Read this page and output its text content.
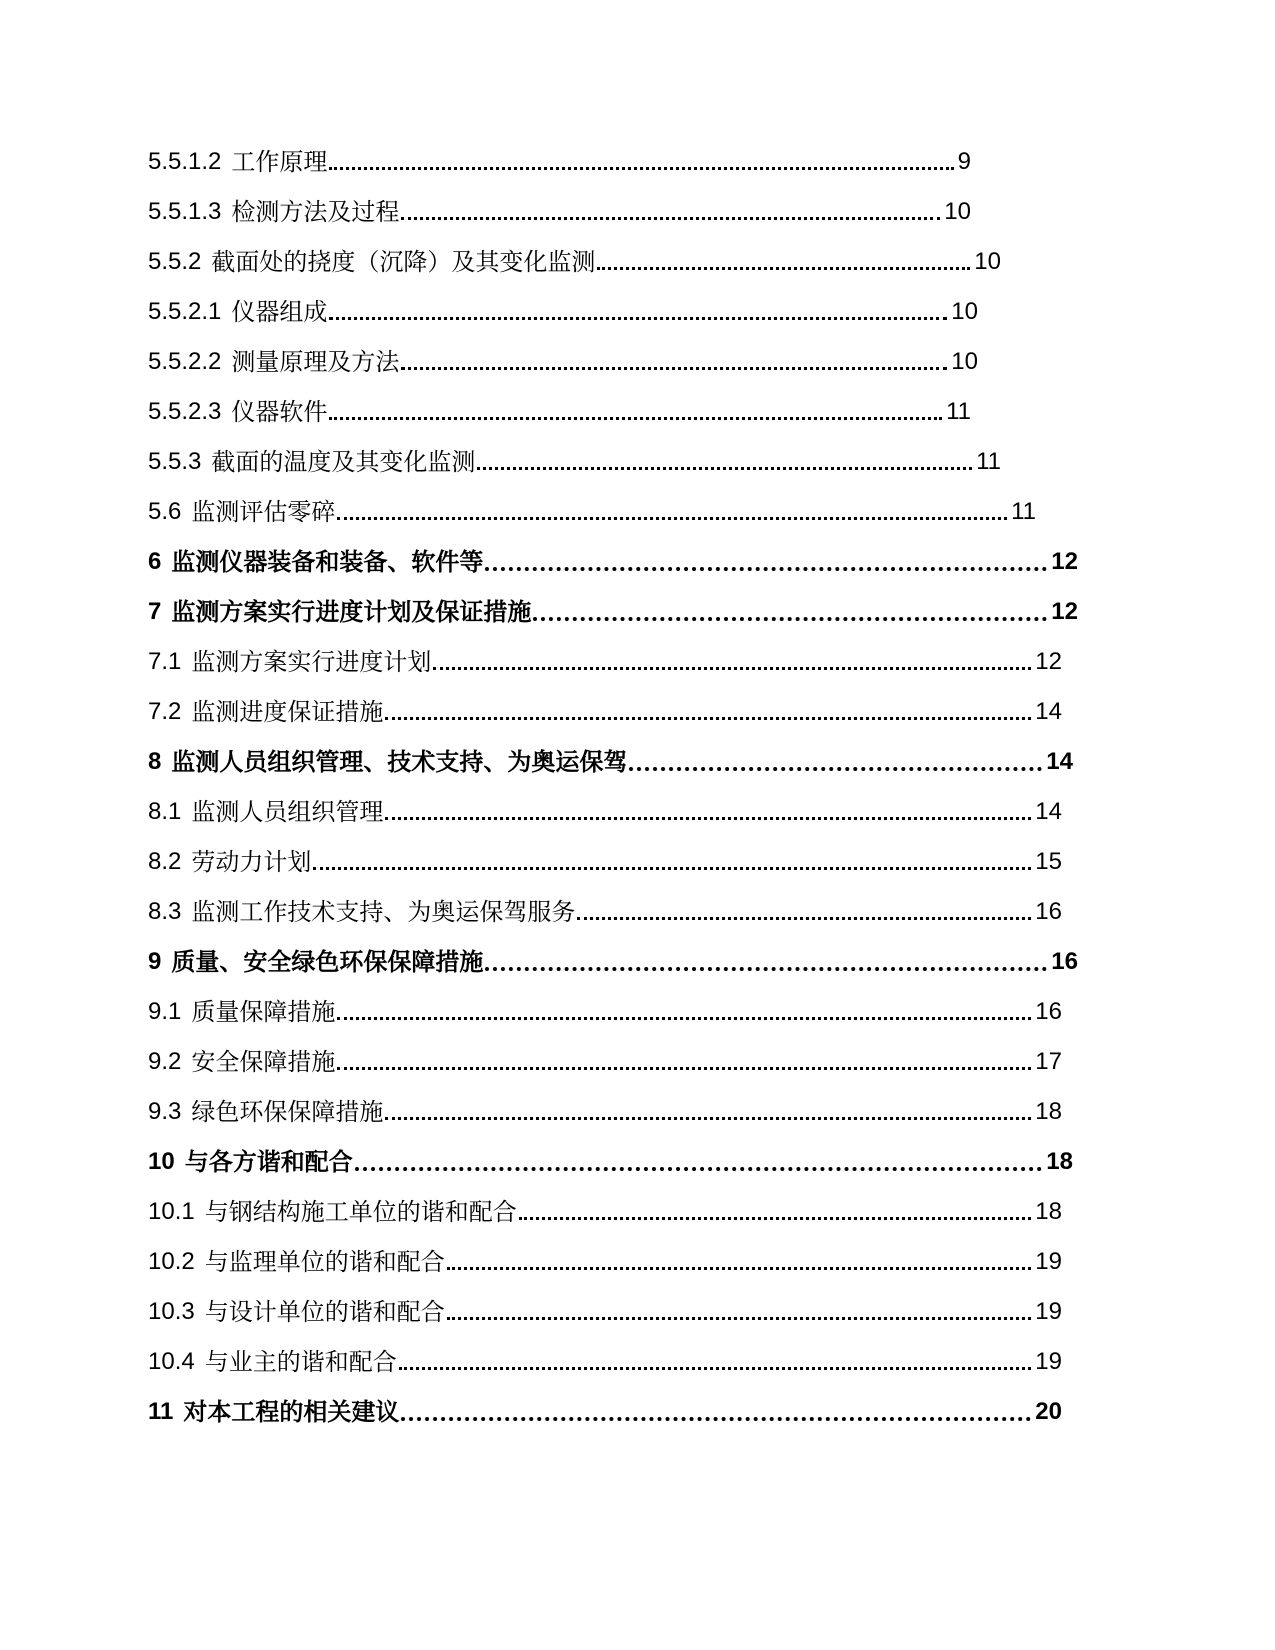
5.5.1.2 工作原理	9
5.5.1.3 检测方法及过程	10
5.5.2 截面处的挠度（沉降）及其变化监测	10
5.5.2.1 仪器组成	10
5.5.2.2 测量原理及方法	10
5.5.2.3 仪器软件	11
5.5.3 截面的温度及其变化监测	11
5.6 监测评估零碎	11
6 监测仪器装备和装备、软件等	12
7 监测方案实行进度计划及保证措施	12
7.1 监测方案实行进度计划	12
7.2 监测进度保证措施	14
8 监测人员组织管理、技术支持、为奥运保驾	14
8.1 监测人员组织管理	14
8.2 劳动力计划	15
8.3 监测工作技术支持、为奥运保驾服务	16
9 质量、安全绿色环保保障措施	16
9.1 质量保障措施	16
9.2 安全保障措施	17
9.3 绿色环保保障措施	18
10 与各方谐和配合	18
10.1 与钢结构施工单位的谐和配合	18
10.2 与监理单位的谐和配合	19
10.3 与设计单位的谐和配合	19
10.4 与业主的谐和配合	19
11 对本工程的相关建议	20
